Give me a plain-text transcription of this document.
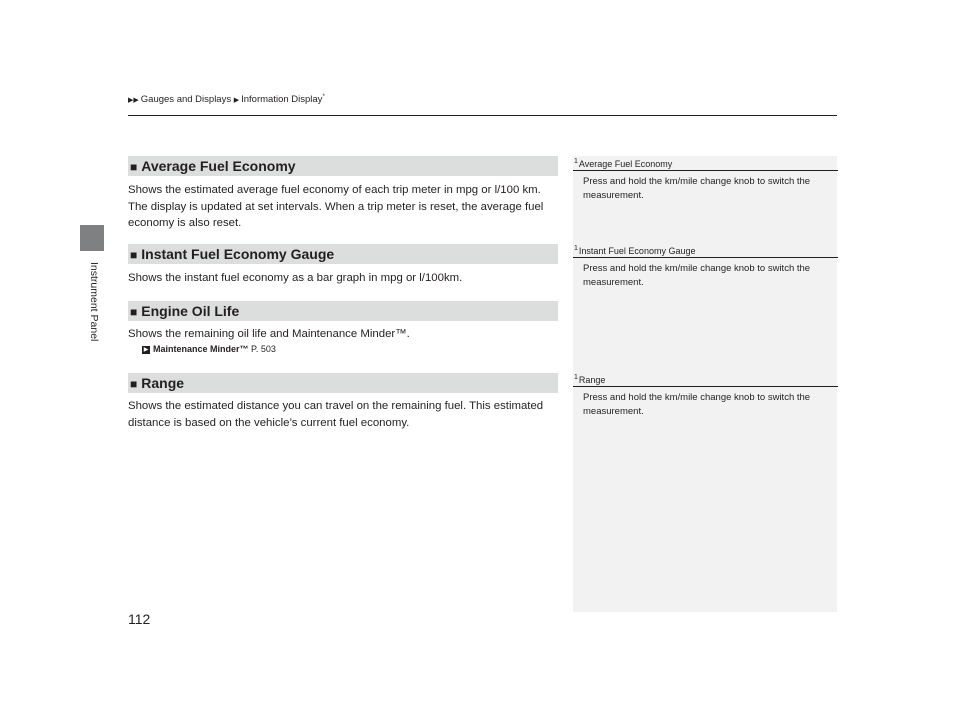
Instrument Panel
▶▶ Gauges and Displays ▶ Information Display*
■ Average Fuel Economy
Shows the estimated average fuel economy of each trip meter in mpg or l/100 km. The display is updated at set intervals. When a trip meter is reset, the average fuel economy is also reset.
$^1$Average Fuel Economy
Press and hold the km/mile change knob to switch the measurement.
■ Instant Fuel Economy Gauge
Shows the instant fuel economy as a bar graph in mpg or l/100km.
$^1$Instant Fuel Economy Gauge
Press and hold the km/mile change knob to switch the measurement.
■ Engine Oil Life
Shows the remaining oil life and Maintenance Minder™.
▶ Maintenance Minder™ P. 503
■ Range
Shows the estimated distance you can travel on the remaining fuel. This estimated distance is based on the vehicle’s current fuel economy.
$^1$Range
Press and hold the km/mile change knob to switch the measurement.
112
